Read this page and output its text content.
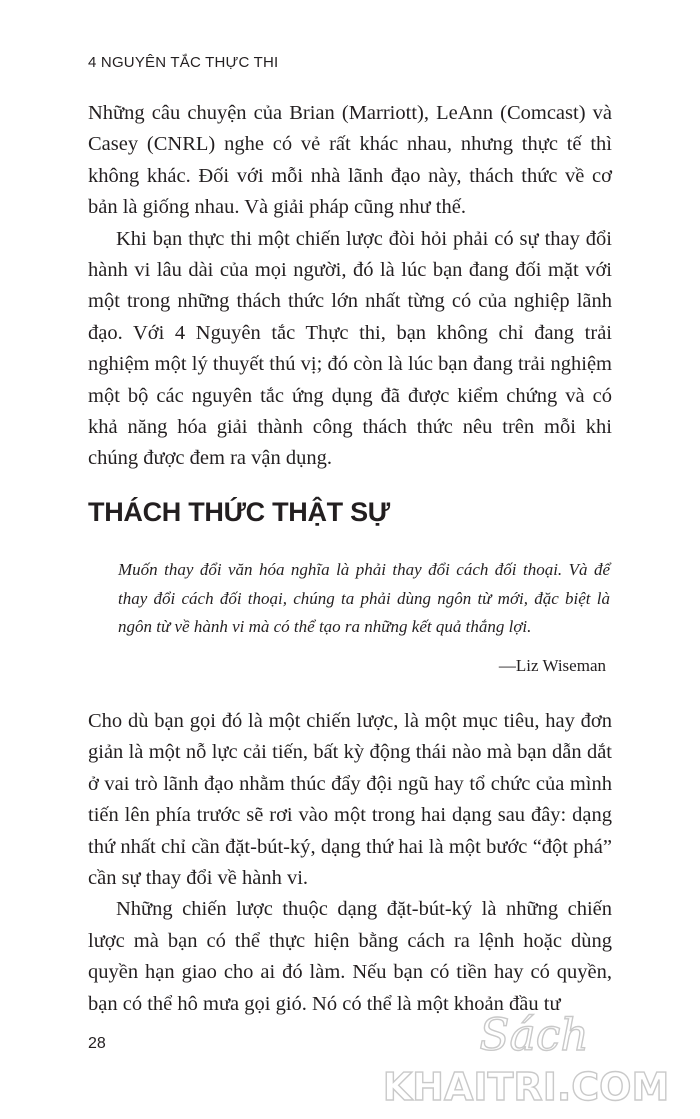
4 NGUYÊN TẮC THỰC THI

Những câu chuyện của Brian (Marriott), LeAnn (Comcast) và Casey (CNRL) nghe có vẻ rất khác nhau, nhưng thực tế thì không khác. Đối với mỗi nhà lãnh đạo này, thách thức về cơ bản là giống nhau. Và giải pháp cũng như thế.

Khi bạn thực thi một chiến lược đòi hỏi phải có sự thay đổi hành vi lâu dài của mọi người, đó là lúc bạn đang đối mặt với một trong những thách thức lớn nhất từng có của nghiệp lãnh đạo. Với 4 Nguyên tắc Thực thi, bạn không chỉ đang trải nghiệm một lý thuyết thú vị; đó còn là lúc bạn đang trải nghiệm một bộ các nguyên tắc ứng dụng đã được kiểm chứng và có khả năng hóa giải thành công thách thức nêu trên mỗi khi chúng được đem ra vận dụng.

THÁCH THỨC THẬT SỰ
Muốn thay đổi văn hóa nghĩa là phải thay đổi cách đối thoại. Và để thay đổi cách đối thoại, chúng ta phải dùng ngôn từ mới, đặc biệt là ngôn từ về hành vi mà có thể tạo ra những kết quả thắng lợi.
—Liz Wiseman

Cho dù bạn gọi đó là một chiến lược, là một mục tiêu, hay đơn giản là một nỗ lực cải tiến, bất kỳ động thái nào mà bạn dẫn dắt ở vai trò lãnh đạo nhằm thúc đẩy đội ngũ hay tổ chức của mình tiến lên phía trước sẽ rơi vào một trong hai dạng sau đây: dạng thứ nhất chỉ cần đặt-bút-ký, dạng thứ hai là một bước “đột phá” cần sự thay đổi về hành vi.

Những chiến lược thuộc dạng đặt-bút-ký là những chiến lược mà bạn có thể thực hiện bằng cách ra lệnh hoặc dùng quyền hạn giao cho ai đó làm. Nếu bạn có tiền hay có quyền, bạn có thể hô mưa gọi gió. Nó có thể là một khoản đầu tư

28	Sách
KHAITRI.COM
